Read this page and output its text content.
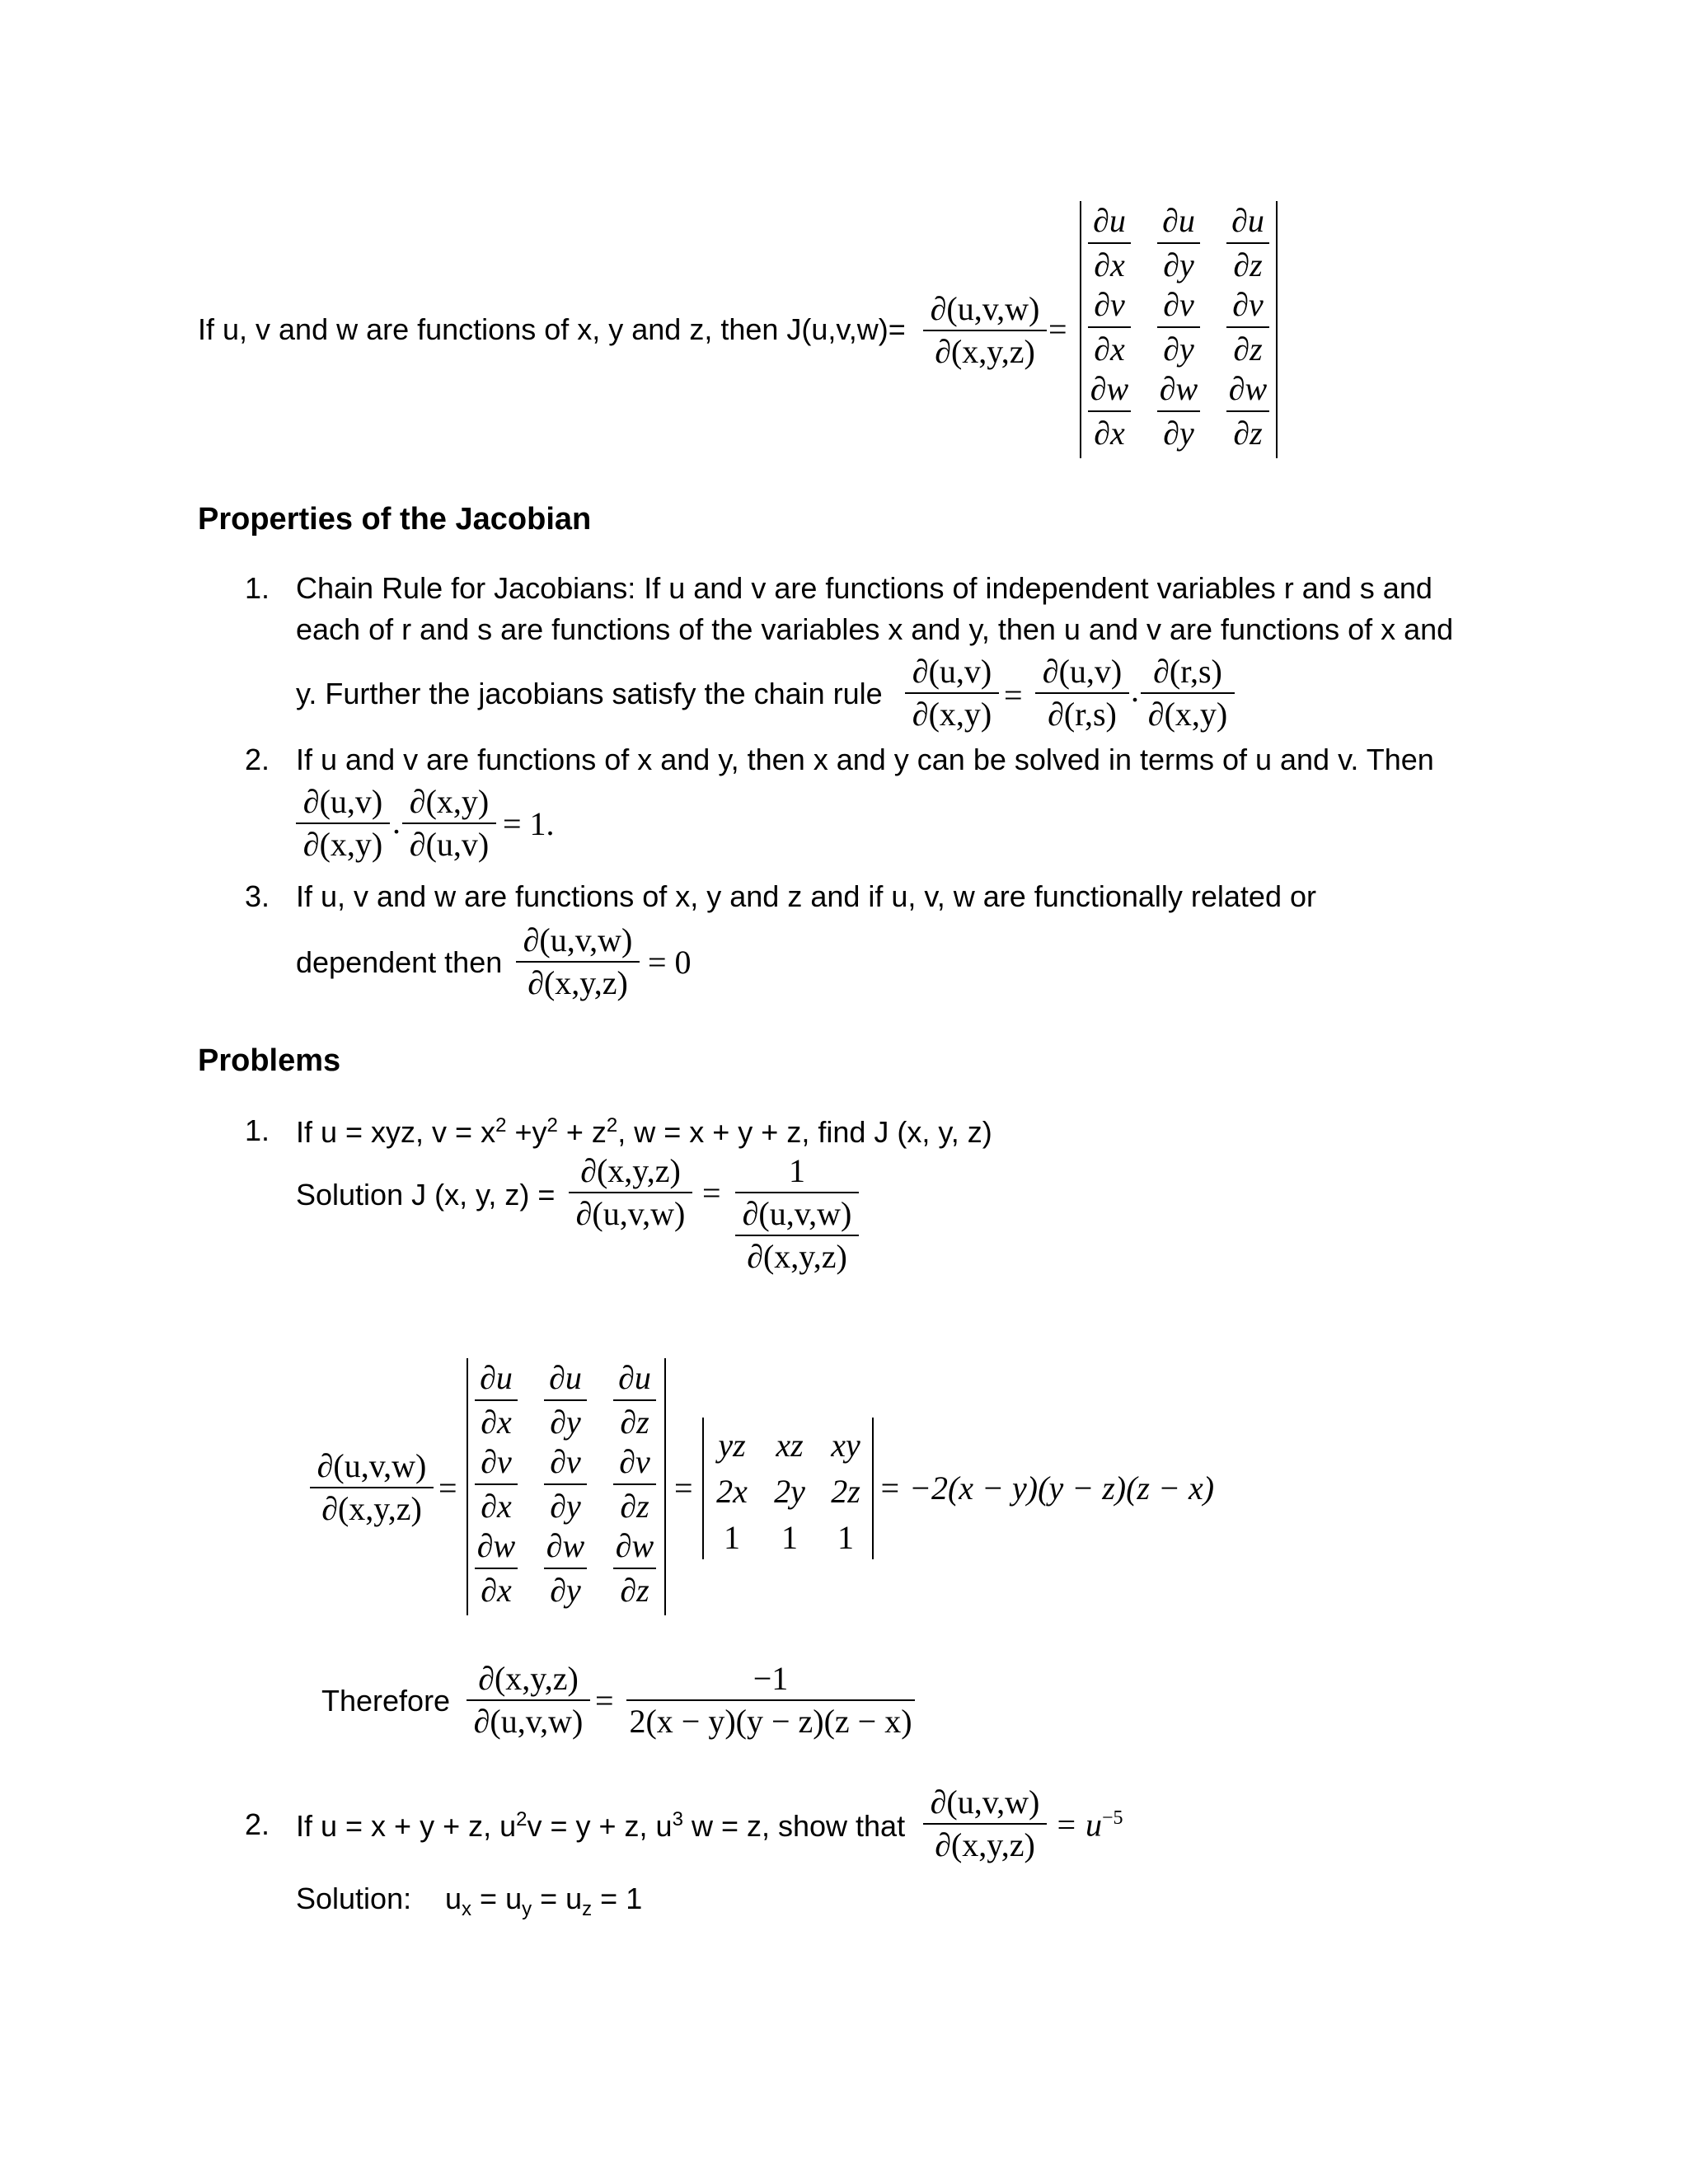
If u, v and w are functions of x, y and z, then J(u,v,w)=
∂(u,v,w)
∂(x,y,z)
=
∂u
∂x
∂u
∂y
∂u
∂z
∂v
∂x
∂v
∂y
∂v
∂z
∂w
∂x
∂w
∂y
∂w
∂z
Properties of the Jacobian
1. Chain Rule for Jacobians: If u and v are functions of independent variables r and s and
each of r and s are functions of the variables x and y, then u and v are functions of x and
y. Further the jacobians satisfy the chain rule
∂(u,v)
∂(x,y)
=
∂(u,v)
∂(r,s)
.
∂(r,s)
∂(x,y)
2. If u and v are functions of x and y, then x and y can be solved in terms of u and v. Then
∂(u,v)
∂(x,y)
.
∂(x,y)
∂(u,v)
= 1.
3. If u, v and w are functions of x, y and z and if u, v, w are functionally related or
dependent then
∂(u,v,w)
∂(x,y,z)
= 0
Problems
1. If u = xyz, $v = x^2 +y^2 + z^2$, w = x + y + z, find J (x, y, z)
Solution J (x, y, z) =
∂(x,y,z)
∂(u,v,w)
=
1
∂(u,v,w)
∂(x,y,z)
∂(u,v,w)
∂(x,y,z)
=
∂u
∂x
∂u
∂y
∂u
∂z
∂v
∂x
∂v
∂y
∂v
∂z
∂w
∂x
∂w
∂y
∂w
∂z
=
yz xz xy
2x 2y 2z
1	1	1
= −2(x − y)(y − z)(z − x)
Therefore
∂(x,y,z)
∂(u,v,w)
=
−1
2(x − y)(y − z)(z − x)
2. If u = x + y + z, $u^2v = y + z$, $u^3$ w = z, show that
∂(u,v,w)
∂(x,y,z)
= $u^{-5}$
Solution: $u_x = u_y = u_z = 1$
